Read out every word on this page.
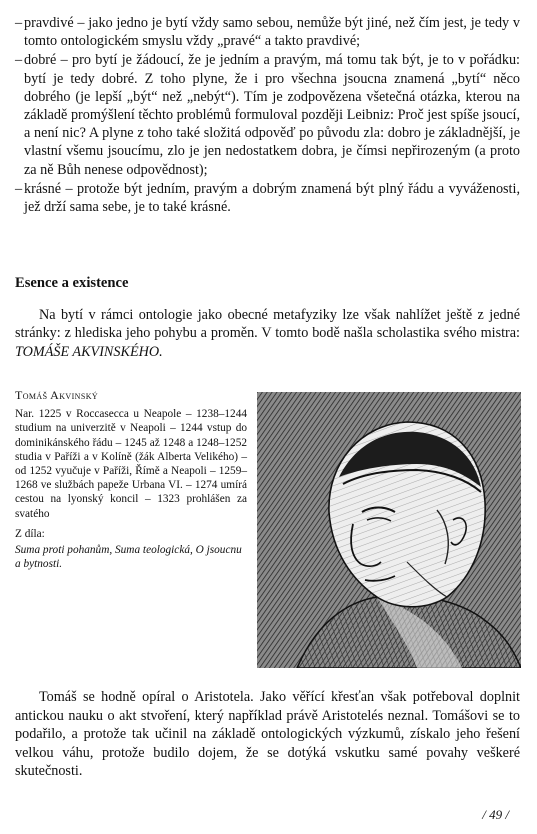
– pravdivé – jako jedno je bytí vždy samo sebou, nemůže být jiné, než čím jest, je tedy v tomto ontologickém smyslu vždy „pravé“ a takto pravdivé;
– dobré – pro bytí je žádoucí, že je jedním a pravým, má tomu tak být, je to v pořádku: bytí je tedy dobré. Z toho plyne, že i pro všechna jsoucna znamená „bytí“ něco dobrého (je lepší „být“ než „nebýt“). Tím je zodpovězena všetečná otázka, kterou na základě promýšlení těchto problémů formuloval později Leibniz: Proč jest spíše jsoucí, a není nic? A plyne z toho také složitá odpověď po původu zla: dobro je základnější, je vlastní všemu jsoucímu, zlo je jen nedostatkem dobra, je čímsi nepřirozeným (a proto za ně Bůh nenese odpovědnost);
– krásné – protože být jedním, pravým a dobrým znamená být plný řádu a vyváženosti, jež drží sama sebe, je to také krásné.
Esence a existence
Na bytí v rámci ontologie jako obecné metafyziky lze však nahlížet ještě z jedné stránky: z hlediska jeho pohybu a proměn. V tomto bodě našla scholastika svého mistra: TOMÁŠE AKVINSKÉHO.
Tomáš Akvinský
Nar. 1225 v Roccasecca u Neapole – 1238–1244 studium na univerzitě v Neapoli – 1244 vstup do dominikánského řádu – 1245 až 1248 a 1248–1252 studia v Paříži a v Kolíně (žák Alberta Velikého) – od 1252 vyučuje v Paříži, Římě a Neapoli – 1259–1268 ve službách papeže Urbana VI. – 1274 umírá cestou na lyonský koncil – 1323 prohlášen za svatého
Z díla:
Suma proti pohanům, Suma teologická, O jsoucnu a bytnosti.
Tomáš se hodně opíral o Aristotela. Jako věřící křesťan však potřeboval doplnit antickou nauku o akt stvoření, který například právě Aristotelés neznal. Tomášovi se to podařilo, a protože tak učinil na základě ontologických výzkumů, získalo jeho řešení velkou váhu, protože budilo dojem, že se dotýká vskutku samé povahy veškeré skutečnosti.
/ 49 /
